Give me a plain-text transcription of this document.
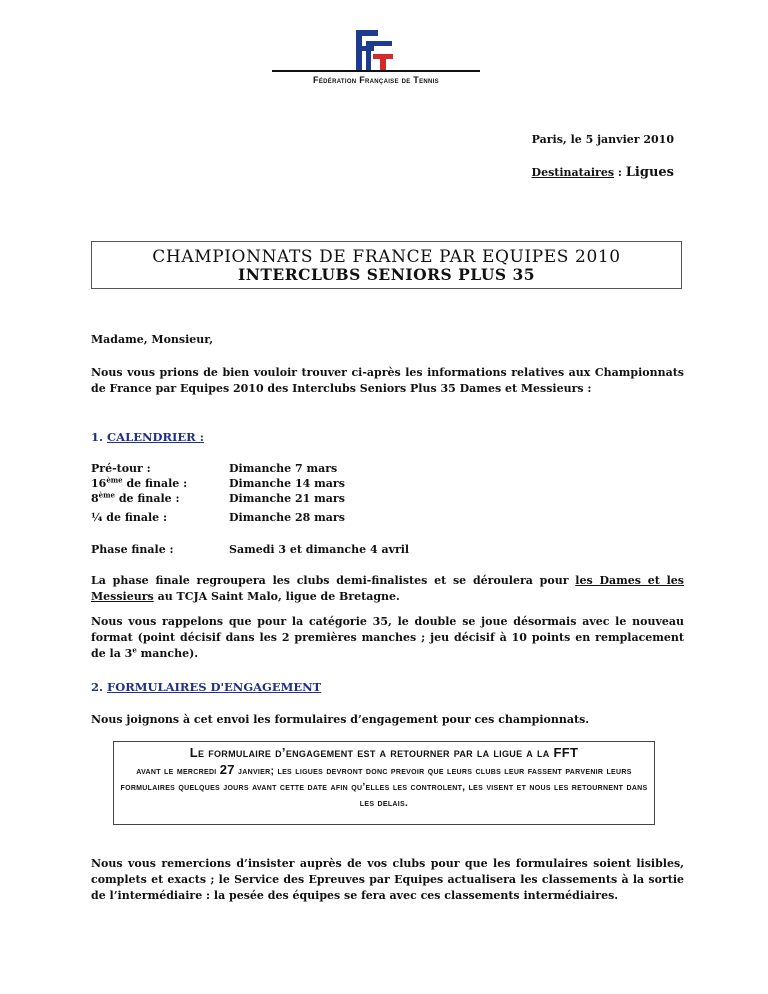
Fédération Française de Tennis
Paris, le 5 janvier 2010
Destinataires : Ligues
CHAMPIONNATS DE FRANCE PAR EQUIPES 2010
INTERCLUBS SENIORS PLUS 35
Madame, Monsieur,
Nous vous prions de bien vouloir trouver ci-après les informations relatives aux Championnats de France par Equipes 2010 des Interclubs Seniors Plus 35 Dames et Messieurs :
1. CALENDRIER :
Pré-tour :	Dimanche 7 mars
16ème de finale :	Dimanche 14 mars
8ème de finale :	Dimanche 21 mars
¼ de finale :	Dimanche 28 mars
Phase finale :	Samedi 3 et dimanche 4 avril
La phase finale regroupera les clubs demi-finalistes et se déroulera pour les Dames et les Messieurs au TCJA Saint Malo, ligue de Bretagne.
Nous vous rappelons que pour la catégorie 35, le double se joue désormais avec le nouveau format (point décisif dans les 2 premières manches ; jeu décisif à 10 points en remplacement de la 3e manche).
2. FORMULAIRES D'ENGAGEMENT
Nous joignons à cet envoi les formulaires d’engagement pour ces championnats.
Le formulaire d’engagement est a retourner par la ligue a la FFT
avant le mercredi 27 janvier; les ligues devront donc prevoir que leurs clubs leur fassent parvenir leurs formulaires quelques jours avant cette date afin qu’elles les controlent, les visent et nous les retournent dans les delais.
Nous vous remercions d’insister auprès de vos clubs pour que les formulaires soient lisibles, complets et exacts ; le Service des Epreuves par Equipes actualisera les classements à la sortie de l’intermédiaire : la pesée des équipes se fera avec ces classements intermédiaires.
